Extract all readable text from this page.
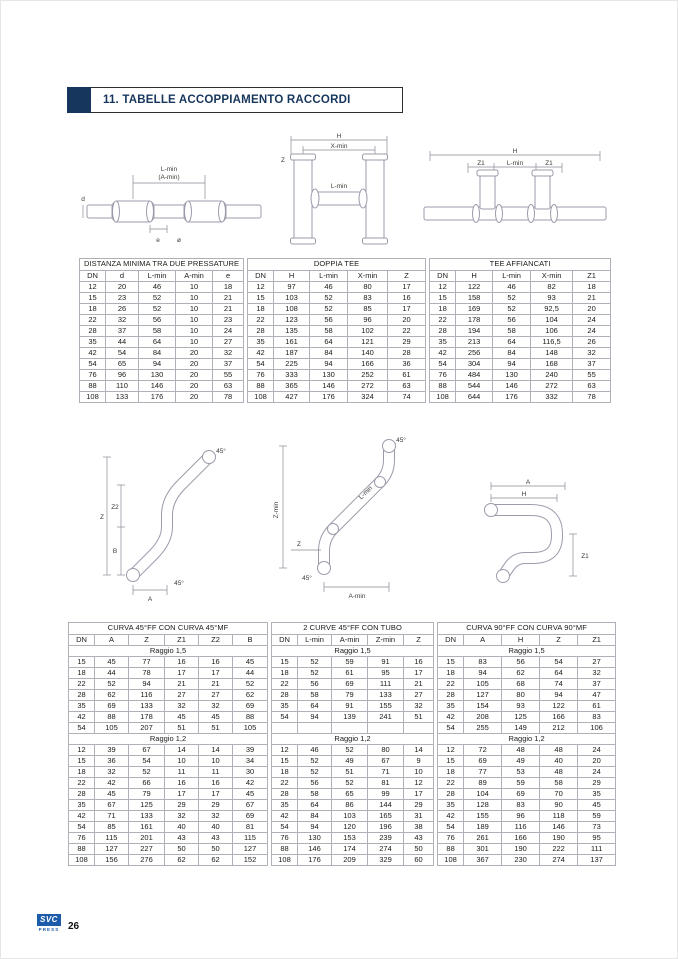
11. TABELLE ACCOPPIAMENTO RACCORDI
L-min
(A-min)
d
e	ø
H
X-min
Z
L-min
H
Z1	L-min	Z1
DISTANZA MINIMA TRA DUE PRESSATURE				
DN	d	L-min	A-min	e
12	20	46	10	18
15	23	52	10	21
18	26	52	10	21
22	32	56	10	23
28	37	58	10	24
35	44	64	10	27
42	54	84	20	32
54	65	94	20	37
76	96	130	20	55
88	110	146	20	63
108	133	176	20	78
DOPPIA TEE				
DN	H	L-min	X-min	Z
12	97	46	80	17
15	103	52	83	16
18	108	52	85	17
22	123	56	96	20
28	135	58	102	22
35	161	64	121	29
42	187	84	140	28
54	225	94	166	36
76	333	130	252	61
88	365	146	272	63
108	427	176	324	74
TEE AFFIANCATI				
DN	H	L-min	X-min	Z1
12	122	46	82	18
15	158	52	93	21
18	169	52	92,5	20
22	178	56	104	24
28	194	58	106	24
35	213	64	116,5	26
42	256	84	148	32
54	304	94	168	37
76	484	130	240	55
88	544	146	272	63
108	644	176	332	78
45°
Z
Z2
B
A
45°
45°
Z-min
L-min
Z
A-min
45°
A
H
Z1
CURVA 45°FF CON CURVA 45°MF					
DN	A	Z	Z1	Z2	B
Raggio 1,5					
15	45	77	16	16	45
18	44	78	17	17	44
22	52	94	21	21	52
28	62	116	27	27	62
35	69	133	32	32	69
42	88	178	45	45	88
54	105	207	51	51	105
Raggio 1,2					
12	39	67	14	14	39
15	36	54	10	10	34
18	32	52	11	11	30
22	42	66	16	16	42
28	45	79	17	17	45
35	67	125	29	29	67
42	71	133	32	32	69
54	85	161	40	40	81
76	115	201	43	43	115
88	127	227	50	50	127
108	156	276	62	62	152
2 CURVE 45°FF CON TUBO				
DN	L-min	A-min	Z-min	Z
Raggio 1,5				
15	52	59	91	16
18	52	61	95	17
22	56	69	111	21
28	58	79	133	27
35	64	91	155	32
54	94	139	241	51

Raggio 1,2				
12	46	52	80	14
15	52	49	67	9
18	52	51	71	10
22	56	52	81	12
28	58	65	99	17
35	64	86	144	29
42	84	103	165	31
54	94	120	196	38
76	130	153	239	43
88	146	174	274	50
108	176	209	329	60
CURVA 90°FF CON CURVA 90°MF				
DN	A	H	Z	Z1
Raggio 1,5				
15	83	56	54	27
18	94	62	64	32
22	105	68	74	37
28	127	80	94	47
35	154	93	122	61
42	208	125	166	83
54	255	149	212	106
Raggio 1,2				
12	72	48	48	24
15	69	49	40	20
18	77	53	48	24
22	89	59	58	29
28	104	69	70	35
35	128	83	90	45
42	155	96	118	59
54	189	116	146	73
76	261	166	190	95
88	301	190	222	111
108	367	230	274	137
SVC
PRESS 26
